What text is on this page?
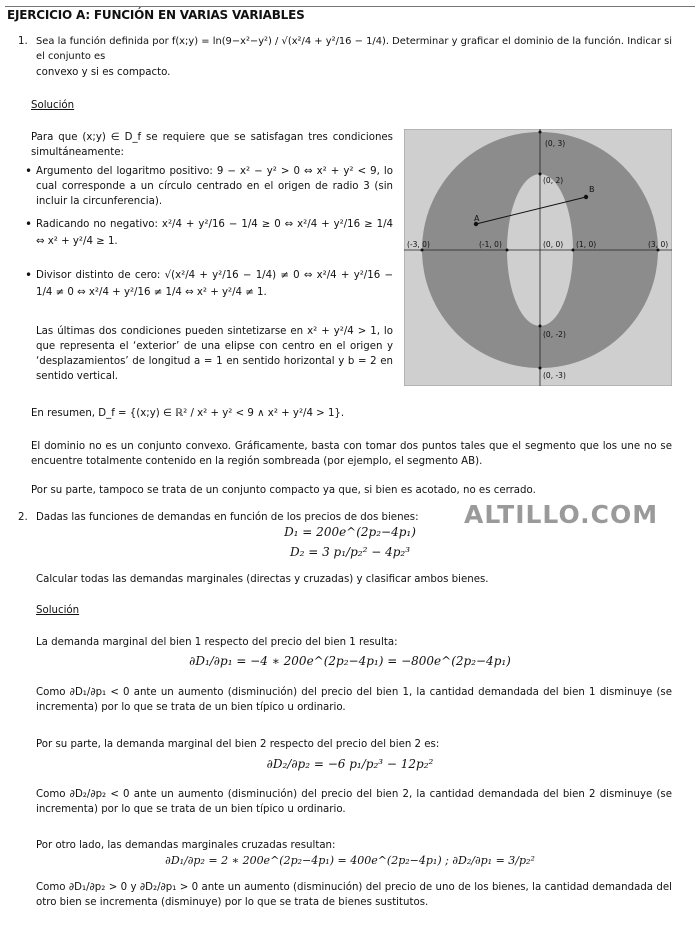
EJERCICIO A: FUNCIÓN EN VARIAS VARIABLES
1. Sea la función definida por f(x;y) = ln(9−x²−y²) / √(x²/4 + y²/16 − 1/4). Determinar y graficar el dominio de la función. Indicar si el conjunto es
convexo y si es compacto.
Solución
Para que (x;y) ∈ D_f se requiere que se satisfagan tres condiciones simultáneamente:
• Argumento del logaritmo positivo: 9 − x² − y² > 0 ⇔ x² + y² < 9, lo cual corresponde a un círculo centrado en el origen de radio 3 (sin incluir la circunferencia).
• Radicando no negativo: x²/4 + y²/16 − 1/4 ≥ 0 ⇔ x²/4 + y²/16 ≥ 1/4 ⇔ x² + y²/4 ≥ 1.
• Divisor distinto de cero: √(x²/4 + y²/16 − 1/4) ≠ 0 ⇔ x²/4 + y²/16 − 1/4 ≠ 0 ⇔ x²/4 + y²/16 ≠ 1/4 ⇔ x² + y²/4 ≠ 1.
Las últimas dos condiciones pueden sintetizarse en x² + y²/4 > 1, lo que representa el ‘exterior’ de una elipse con centro en el origen y ‘desplazamientos’ de longitud a = 1 en sentido horizontal y b = 2 en sentido vertical.
En resumen, D_f = {(x;y) ∈ ℝ² / x² + y² < 9 ∧ x² + y²/4 > 1}.
El dominio no es un conjunto convexo. Gráficamente, basta con tomar dos puntos tales que el segmento que los une no se encuentre totalmente contenido en la región sombreada (por ejemplo, el segmento AB).
Por su parte, tampoco se trata de un conjunto compacto ya que, si bien es acotado, no es cerrado.
(0, 3)
(0, 2)
(-3, 0)	(-1, 0)	(0, 0) (1, 0)	(3, 0)
(0, -2)
(0, -3)
A
B
ALTILLO.COM
2. Dadas las funciones de demandas en función de los precios de dos bienes:
D₁ = 200e^(2p₂−4p₁)
D₂ = 3 p₁/p₂² − 4p₂³
Calcular todas las demandas marginales (directas y cruzadas) y clasificar ambos bienes.
Solución
La demanda marginal del bien 1 respecto del precio del bien 1 resulta:
∂D₁/∂p₁ = −4 ∗ 200e^(2p₂−4p₁) = −800e^(2p₂−4p₁)
Como ∂D₁/∂p₁ < 0 ante un aumento (disminución) del precio del bien 1, la cantidad demandada del bien 1 disminuye (se incrementa) por lo que se trata de un bien típico u ordinario.
Por su parte, la demanda marginal del bien 2 respecto del precio del bien 2 es:
∂D₂/∂p₂ = −6 p₁/p₂³ − 12p₂²
Como ∂D₂/∂p₂ < 0 ante un aumento (disminución) del precio del bien 2, la cantidad demandada del bien 2 disminuye (se incrementa) por lo que se trata de un bien típico u ordinario.
Por otro lado, las demandas marginales cruzadas resultan:
∂D₁/∂p₂ = 2 ∗ 200e^(2p₂−4p₁) = 400e^(2p₂−4p₁) ; ∂D₂/∂p₁ = 3/p₂²
Como ∂D₁/∂p₂ > 0 y ∂D₂/∂p₁ > 0 ante un aumento (disminución) del precio de uno de los bienes, la cantidad demandada del otro bien se incrementa (disminuye) por lo que se trata de bienes sustitutos.
